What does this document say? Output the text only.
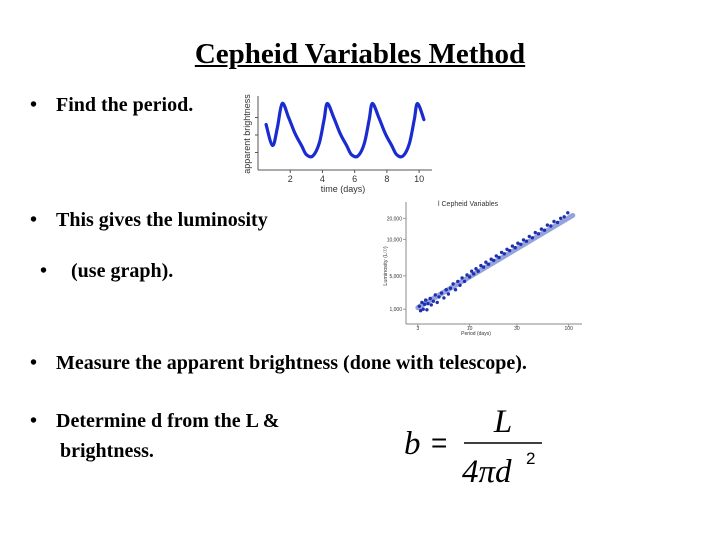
Cepheid Variables Method
• Find the period.
2	4	6	8	10
apparent brightness
time (days)
• This gives the luminosity

• (use graph).

l Cepheid Variables
Luminosity (L☉)
Period (days)
20,000
10,000
5,000
1,000
3	10	30	100
• Measure the apparent brightness (done with telescope).
• Determine d from the L &
brightness.	b =
L
4πd 2
